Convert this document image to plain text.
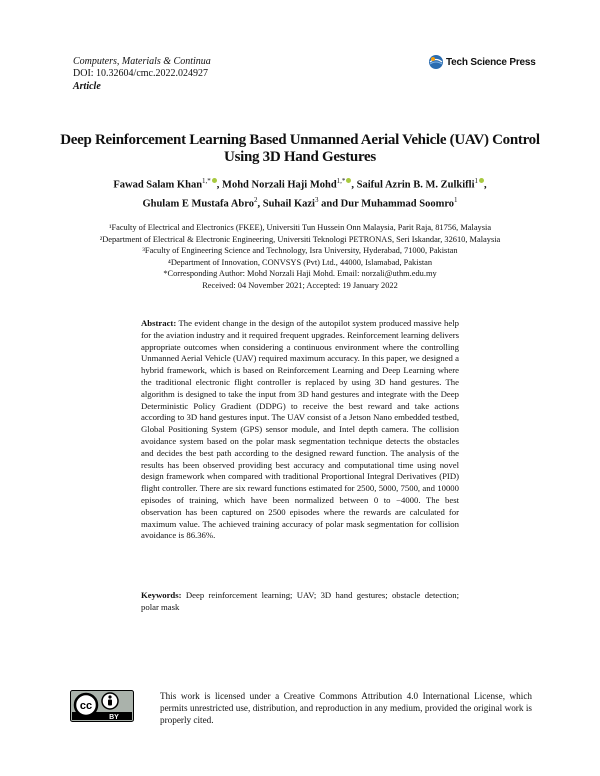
Computers, Materials & Continua
DOI: 10.32604/cmc.2022.024927
Article
Tech Science Press
Deep Reinforcement Learning Based Unmanned Aerial Vehicle (UAV) Control
Using 3D Hand Gestures
Fawad Salam Khan$^{1,*}$ , Mohd Norzali Haji Mohd$^{1,*}$ , Saiful Azrin B. M. Zulkifli$^1$ ,
Ghulam E Mustafa Abro$^2$, Suhail Kazi$^3$ and Dur Muhammad Soomro$^1$
¹Faculty of Electrical and Electronics (FKEE), Universiti Tun Hussein Onn Malaysia, Parit Raja, 81756, Malaysia
²Department of Electrical & Electronic Engineering, Universiti Teknologi PETRONAS, Seri Iskandar, 32610, Malaysia
³Faculty of Engineering Science and Technology, Isra University, Hyderabad, 71000, Pakistan
⁴Department of Innovation, CONVSYS (Pvt) Ltd., 44000, Islamabad, Pakistan
*Corresponding Author: Mohd Norzali Haji Mohd. Email: norzali@uthm.edu.my
Received: 04 November 2021; Accepted: 19 January 2022
Abstract: The evident change in the design of the autopilot system produced massive help for the aviation industry and it required frequent upgrades. Reinforcement learning delivers appropriate outcomes when considering a continuous environment where the controlling Unmanned Aerial Vehicle (UAV) required maximum accuracy. In this paper, we designed a hybrid framework, which is based on Reinforcement Learning and Deep Learning where the traditional electronic flight controller is replaced by using 3D hand gestures. The algorithm is designed to take the input from 3D hand gestures and integrate with the Deep Deterministic Policy Gradient (DDPG) to receive the best reward and take actions according to 3D hand gestures input. The UAV consist of a Jetson Nano embedded testbed, Global Positioning System (GPS) sensor module, and Intel depth camera. The collision avoidance system based on the polar mask segmentation technique detects the obstacles and decides the best path according to the designed reward function. The analysis of the results has been observed providing best accuracy and computational time using novel design framework when compared with traditional Proportional Integral Derivatives (PID) flight controller. There are six reward functions estimated for 2500, 5000, 7500, and 10000 episodes of training, which have been normalized between 0 to −4000. The best observation has been captured on 2500 episodes where the rewards are calculated for maximum value. The achieved training accuracy of polar mask segmentation for collision avoidance is 86.36%.
Keywords: Deep reinforcement learning; UAV; 3D hand gestures; obstacle detection; polar mask
cc
BY
This work is licensed under a Creative Commons Attribution 4.0 International License, which permits unrestricted use, distribution, and reproduction in any medium, provided the original work is properly cited.
